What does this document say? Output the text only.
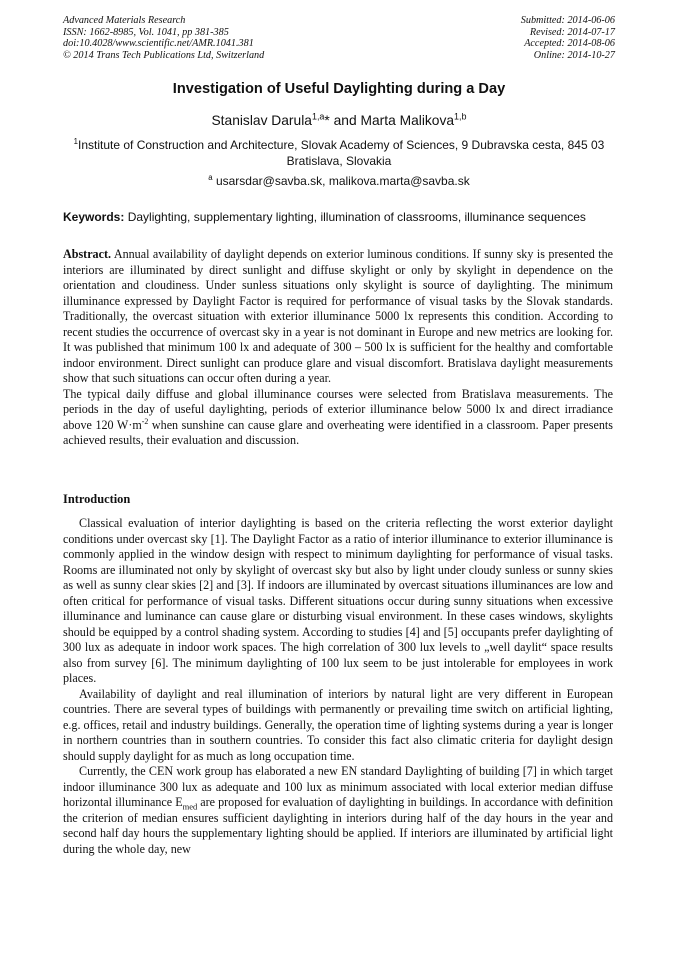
Advanced Materials Research
ISSN: 1662-8985, Vol. 1041, pp 381-385
doi:10.4028/www.scientific.net/AMR.1041.381
© 2014 Trans Tech Publications Ltd, Switzerland
Submitted: 2014-06-06
Revised: 2014-07-17
Accepted: 2014-08-06
Online: 2014-10-27
Investigation of Useful Daylighting during a Day
Stanislav Darula$^{1,a}$* and Marta Malikova$^{1,b}$
$^1$Institute of Construction and Architecture, Slovak Academy of Sciences, 9 Dubravska cesta, 845 03 Bratislava, Slovakia
$^a$ usarsdar@savba.sk, malikova.marta@savba.sk
Keywords: Daylighting, supplementary lighting, illumination of classrooms, illuminance sequences

Abstract. Annual availability of daylight depends on exterior luminous conditions. If sunny sky is presented the interiors are illuminated by direct sunlight and diffuse skylight or only by skylight in dependence on the orientation and cloudiness. Under sunless situations only skylight is source of daylighting. The minimum illuminance expressed by Daylight Factor is required for performance of visual tasks by the Slovak standards. Traditionally, the overcast situation with exterior illuminance 5000 lx represents this condition. According to recent studies the occurrence of overcast sky in a year is not dominant in Europe and new metrics are looking for. It was published that minimum 100 lx and adequate of 300 – 500 lx is sufficient for the healthy and comfortable indoor environment. Direct sunlight can produce glare and visual discomfort. Bratislava daylight measurements show that such situations can occur often during a year.

The typical daily diffuse and global illuminance courses were selected from Bratislava measurements. The periods in the day of useful daylighting, periods of exterior illuminance below 5000 lx and direct irradiance above 120 $W\cdot m^{-2}$ when sunshine can cause glare and overheating were identified in a classroom. Paper presents achieved results, their evaluation and discussion.

Introduction

Classical evaluation of interior daylighting is based on the criteria reflecting the worst exterior daylight conditions under overcast sky [1]. The Daylight Factor as a ratio of interior illuminance to exterior illuminance is commonly applied in the window design with respect to minimum daylighting for performance of visual tasks. Rooms are illuminated not only by skylight of overcast sky but also by light under cloudy sunless or sunny skies as well as sunny clear skies [2] and [3]. If indoors are illuminated by overcast situations illuminances are low and often critical for performance of visual tasks. Different situations occur during sunny situations when excessive illuminance and luminance can cause glare or disturbing visual environment. In these cases windows, skylights should be equipped by a control shading system. According to studies [4] and [5] occupants prefer daylighting of 300 lux as adequate in indoor work spaces. The high correlation of 300 lux levels to „well daylit“ space results also from survey [6]. The minimum daylighting of 100 lux seem to be just intolerable for employees in work places.

Availability of daylight and real illumination of interiors by natural light are very different in European countries. There are several types of buildings with permanently or prevailing time switch on artificial lighting, e.g. offices, retail and industry buildings. Generally, the operation time of lighting systems during a year is longer in northern countries than in southern countries. To consider this fact also climatic criteria for daylight design should supply daylight for as much as long occupation time.

Currently, the CEN work group has elaborated a new EN standard Daylighting of building [7] in which target indoor illuminance 300 lux as adequate and 100 lux as minimum associated with local exterior median diffuse horizontal illuminance $E_{med}$ are proposed for evaluation of daylighting in buildings. In accordance with definition the criterion of median ensures sufficient daylighting in interiors during half of the day hours in the year and second half day hours the supplementary lighting should be applied. If interiors are illuminated by artificial light during the whole day, new
